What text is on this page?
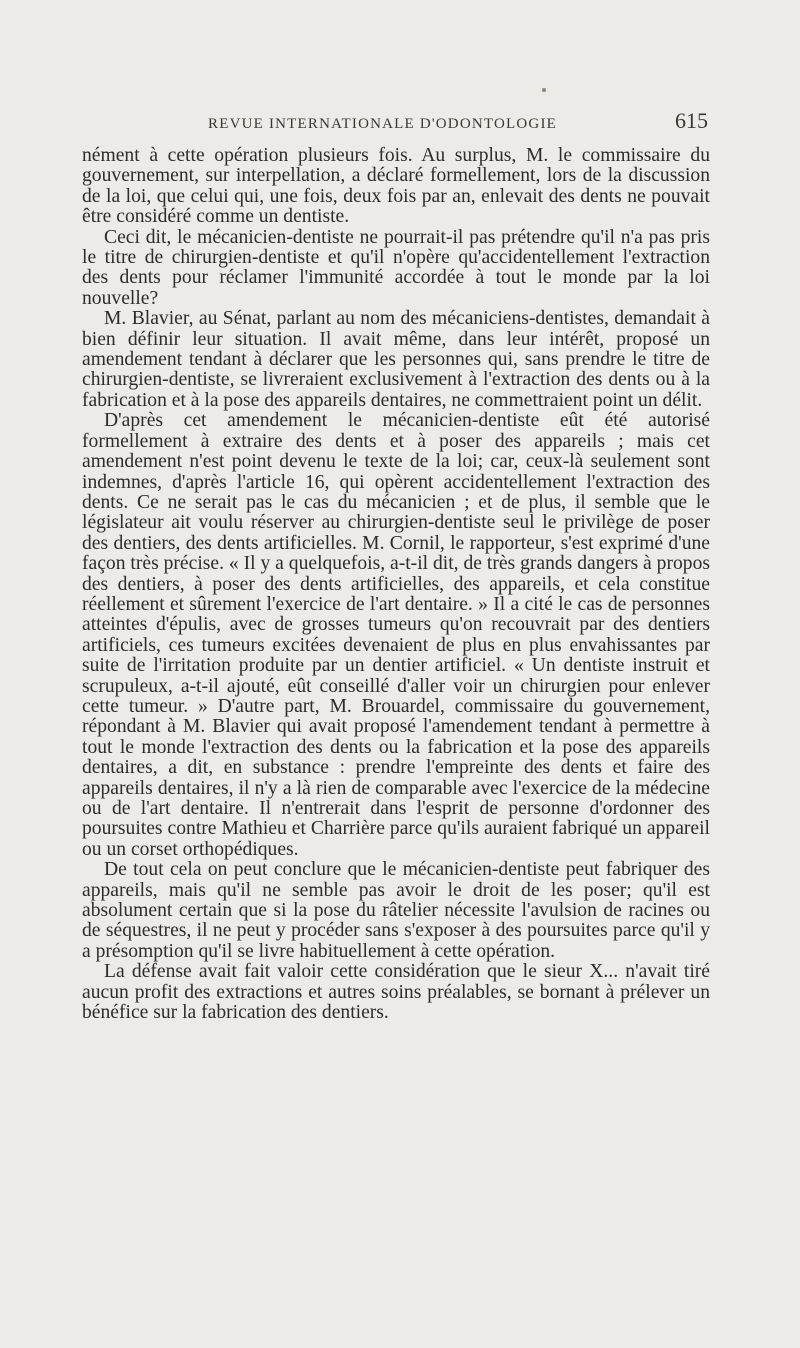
REVUE INTERNATIONALE D'ODONTOLOGIE	615

nément à cette opération plusieurs fois. Au surplus, M. le commissaire du gouvernement, sur interpellation, a déclaré formellement, lors de la discussion de la loi, que celui qui, une fois, deux fois par an, enlevait des dents ne pouvait être considéré comme un dentiste.

Ceci dit, le mécanicien-dentiste ne pourrait-il pas prétendre qu'il n'a pas pris le titre de chirurgien-dentiste et qu'il n'opère qu'accidentellement l'extraction des dents pour réclamer l'immunité accordée à tout le monde par la loi nouvelle?

M. Blavier, au Sénat, parlant au nom des mécaniciens-dentistes, demandait à bien définir leur situation. Il avait même, dans leur intérêt, proposé un amendement tendant à déclarer que les personnes qui, sans prendre le titre de chirurgien-dentiste, se livreraient exclusivement à l'extraction des dents ou à la fabrication et à la pose des appareils dentaires, ne commettraient point un délit.

D'après cet amendement le mécanicien-dentiste eût été autorisé formellement à extraire des dents et à poser des appareils ; mais cet amendement n'est point devenu le texte de la loi; car, ceux-là seulement sont indemnes, d'après l'article 16, qui opèrent accidentellement l'extraction des dents. Ce ne serait pas le cas du mécanicien ; et de plus, il semble que le législateur ait voulu réserver au chirurgien-dentiste seul le privilège de poser des dentiers, des dents artificielles. M. Cornil, le rapporteur, s'est exprimé d'une façon très précise. « Il y a quelquefois, a-t-il dit, de très grands dangers à propos des dentiers, à poser des dents artificielles, des appareils, et cela constitue réellement et sûrement l'exercice de l'art dentaire. » Il a cité le cas de personnes atteintes d'épulis, avec de grosses tumeurs qu'on recouvrait par des dentiers artificiels, ces tumeurs excitées devenaient de plus en plus envahissantes par suite de l'irritation produite par un dentier artificiel. « Un dentiste instruit et scrupuleux, a-t-il ajouté, eût conseillé d'aller voir un chirurgien pour enlever cette tumeur. » D'autre part, M. Brouardel, commissaire du gouvernement, répondant à M. Blavier qui avait proposé l'amendement tendant à permettre à tout le monde l'extraction des dents ou la fabrication et la pose des appareils dentaires, a dit, en substance : prendre l'empreinte des dents et faire des appareils dentaires, il n'y a là rien de comparable avec l'exercice de la médecine ou de l'art dentaire. Il n'entrerait dans l'esprit de personne d'ordonner des poursuites contre Mathieu et Charrière parce qu'ils auraient fabriqué un appareil ou un corset orthopédiques.

De tout cela on peut conclure que le mécanicien-dentiste peut fabriquer des appareils, mais qu'il ne semble pas avoir le droit de les poser; qu'il est absolument certain que si la pose du râtelier nécessite l'avulsion de racines ou de séquestres, il ne peut y procéder sans s'exposer à des poursuites parce qu'il y a présomption qu'il se livre habituellement à cette opération.

La défense avait fait valoir cette considération que le sieur X... n'avait tiré aucun profit des extractions et autres soins préalables, se bornant à prélever un bénéfice sur la fabrication des dentiers.
